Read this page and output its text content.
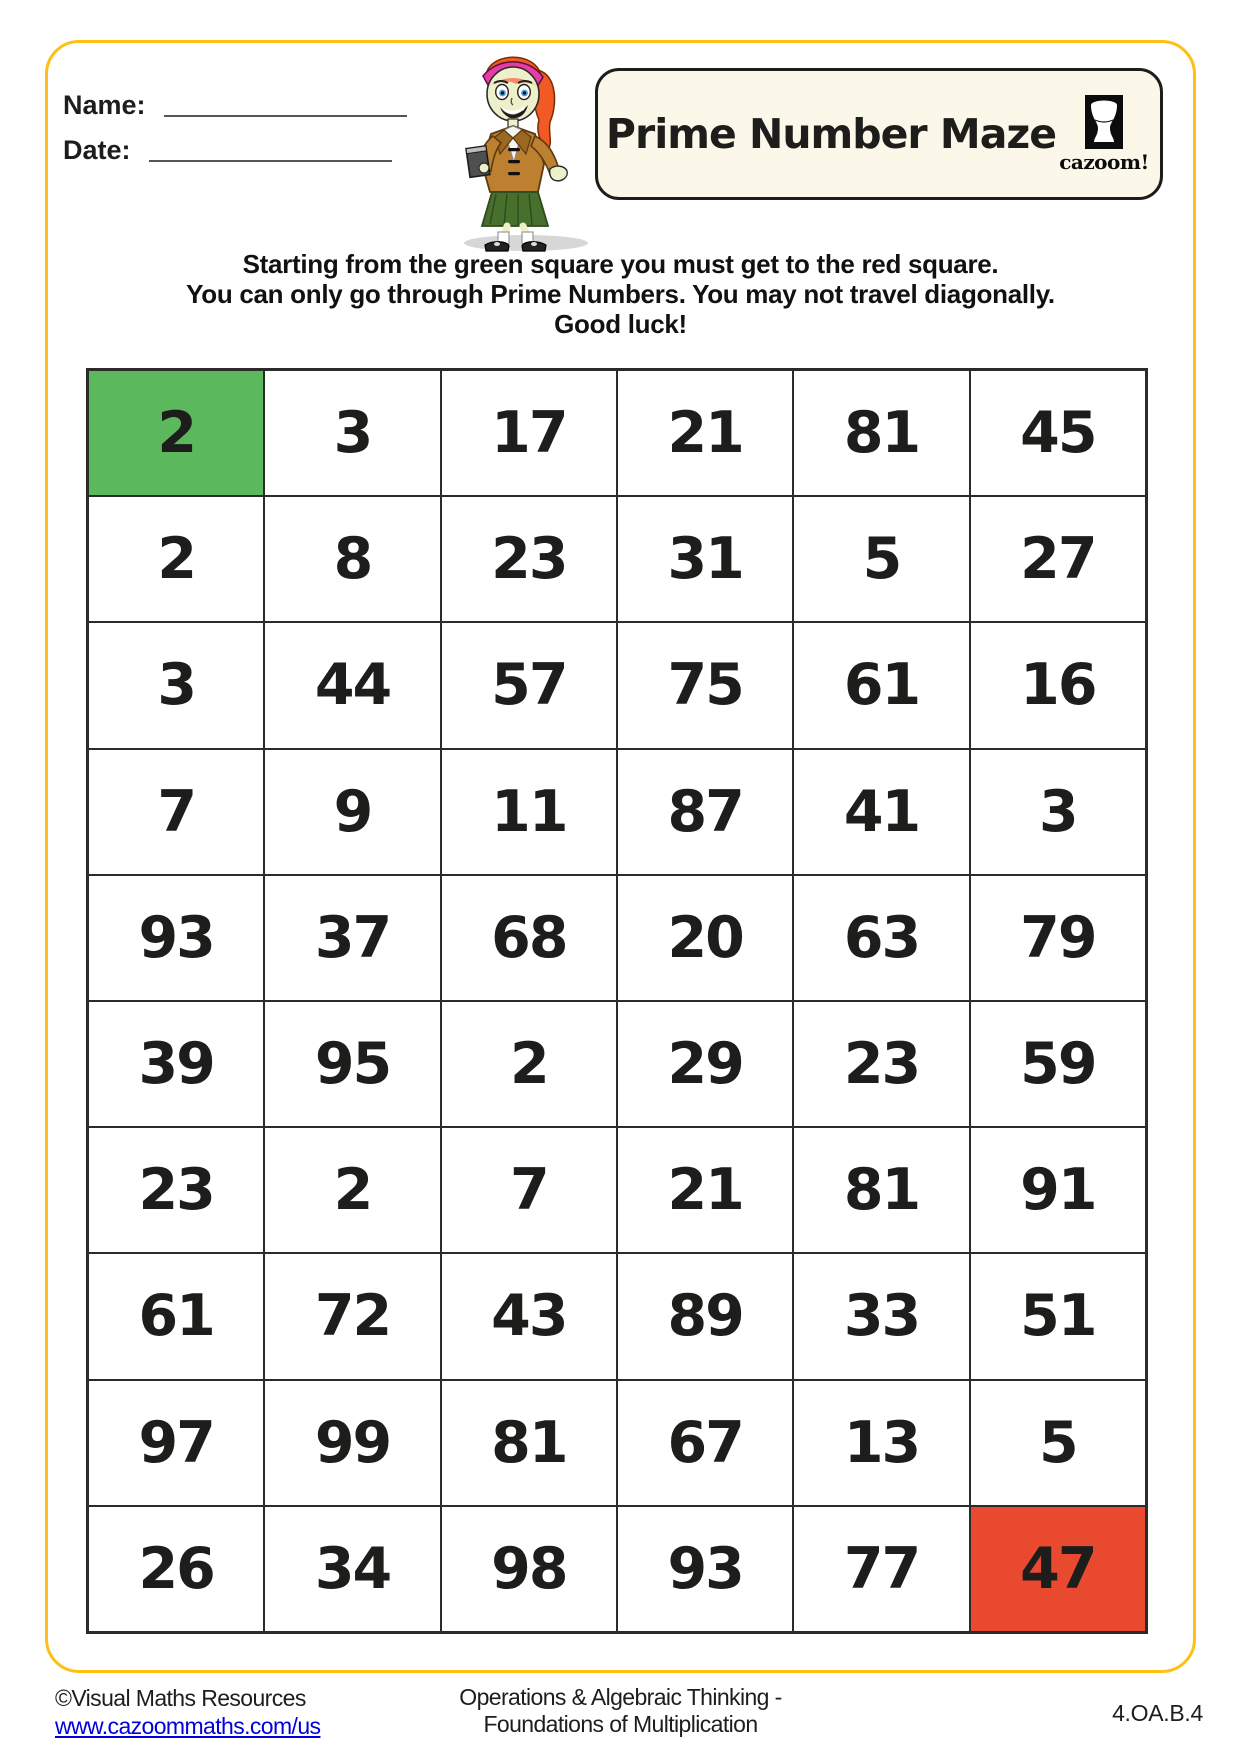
Name:
Date:	Prime Number Maze
cazoom!
Starting from the green square you must get to the red square.
You can only go through Prime Numbers. You may not travel diagonally.
Good luck!
2	3	17	21	81	45
2	8	23	31	5	27
3	44	57	75	61	16
7	9	11	87	41	3
93	37	68	20	63	79
39	95	2	29	23	59
23	2	7	21	81	91
61	72	43	89	33	51
97	99	81	67	13	5
26	34	98	93	77	47
©Visual Maths Resources
www.cazoommaths.com/us
Operations & Algebraic Thinking -
Foundations of Multiplication	4.OA.B.4
